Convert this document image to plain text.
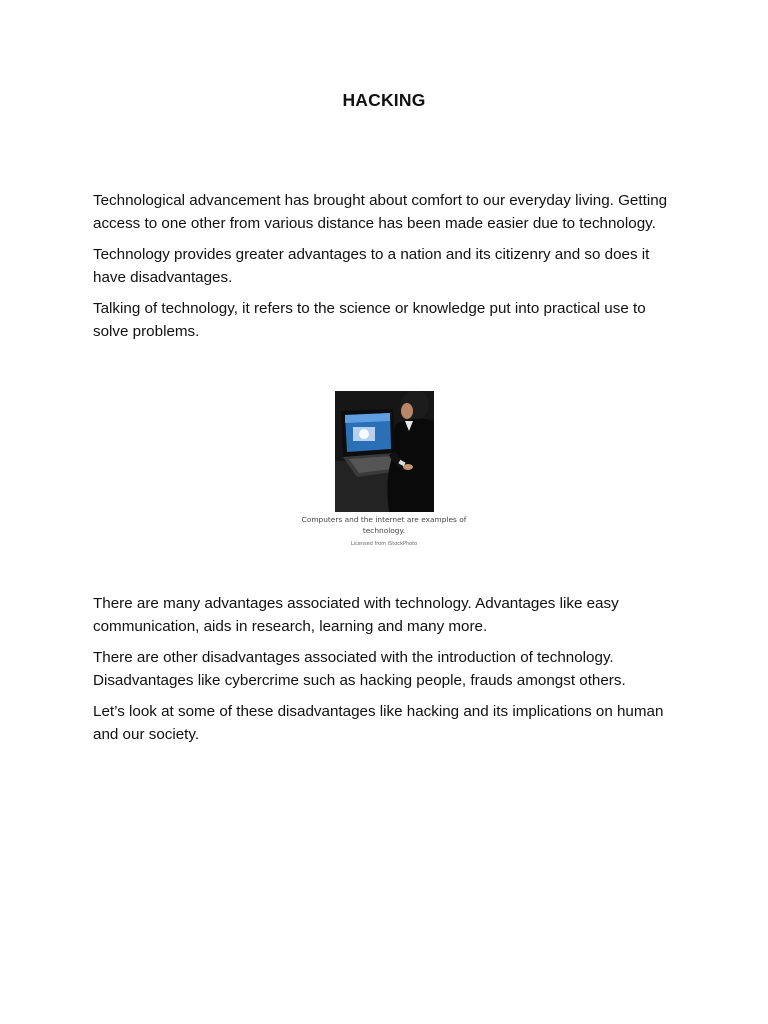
HACKING

Technological advancement has brought about comfort to our everyday living. Getting access to one other from various distance has been made easier due to technology.

Technology provides greater advantages to a nation and its citizenry and so does it have disadvantages.

Talking of technology, it refers to the science or knowledge put into practical use to solve problems.

Computers and the internet are examples of technology.
Licensed from iStockPhoto

There are many advantages associated with technology. Advantages like easy communication, aids in research, learning and many more.

There are other disadvantages associated with the introduction of technology. Disadvantages like cybercrime such as hacking people, frauds amongst others.

Let’s look at some of these disadvantages like hacking and its implications on human and our society.
